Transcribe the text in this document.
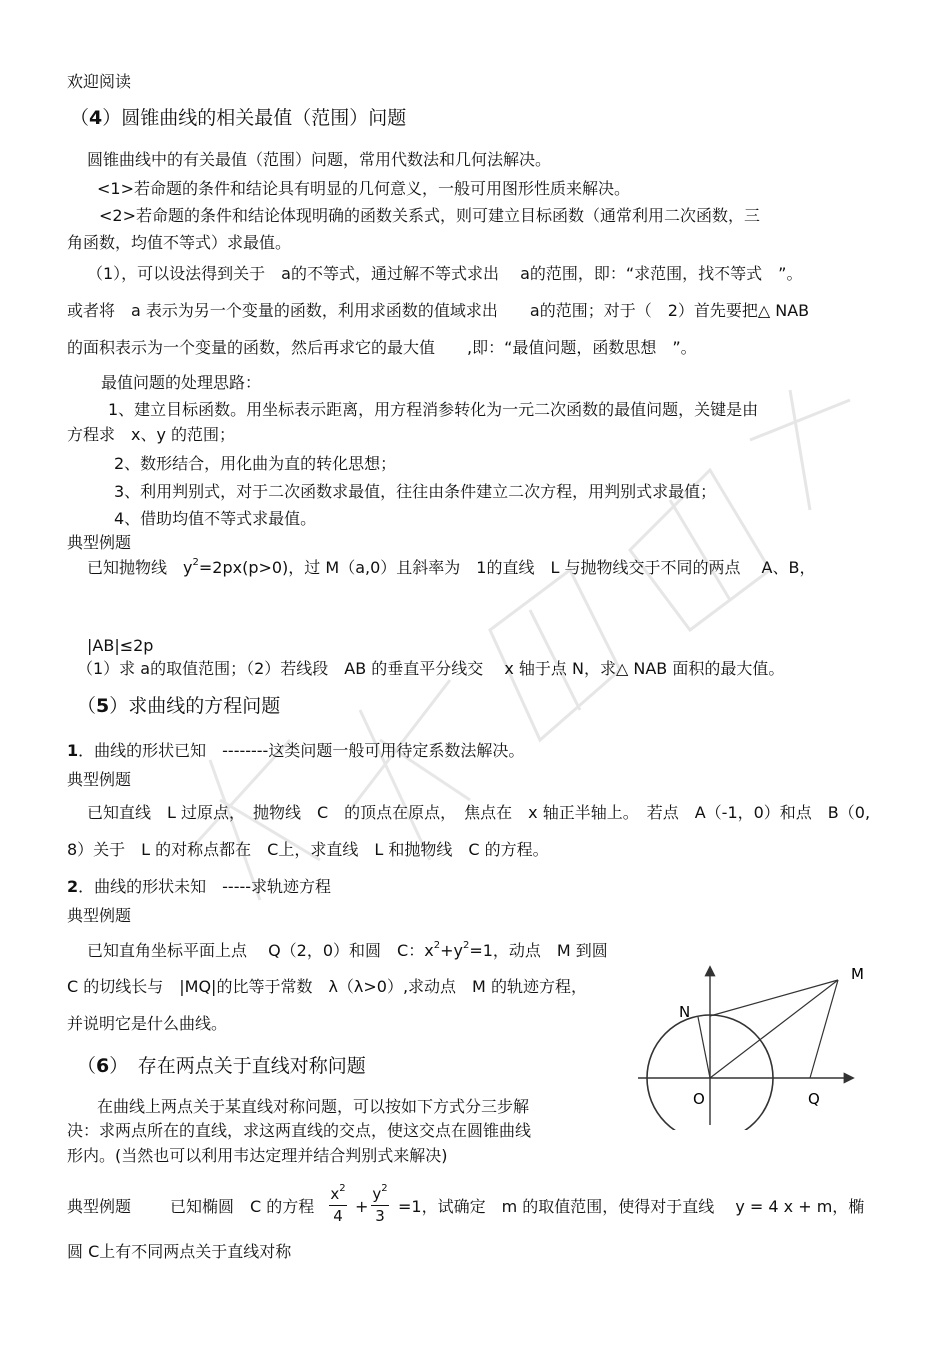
欢迎阅读
（4）圆锥曲线的相关最值（范围）问题
圆锥曲线中的有关最值（范围）问题，常用代数法和几何法解决。
<1>若命题的条件和结论具有明显的几何意义，一般可用图形性质来解决。
<2>若命题的条件和结论体现明确的函数关系式，则可建立目标函数（通常利用二次函数，三
角函数，均值不等式）求最值。
（1），可以设法得到关于　a的不等式，通过解不等式求出　 a的范围，即：“求范围，找不等式　”。
或者将　a 表示为另一个变量的函数，利用求函数的值域求出　　a的范围；对于（　2）首先要把△ NAB
的面积表示为一个变量的函数，然后再求它的最大值　　,即：“最值问题，函数思想　”。
最值问题的处理思路：
1、建立目标函数。用坐标表示距离，用方程消参转化为一元二次函数的最值问题，关键是由
方程求　x、y 的范围；
2、数形结合，用化曲为直的转化思想；
3、利用判别式，对于二次函数求最值，往往由条件建立二次方程，用判别式求最值；
4、借助均值不等式求最值。
典型例题
已知抛物线　$y^2=2px(p>0)$，过 M（a,0）且斜率为　1的直线　L 与抛物线交于不同的两点　 A、B，
|AB|≤2p
（1）求 a的取值范围；（2）若线段　AB 的垂直平分线交　 x 轴于点 N，求△ NAB 面积的最大值。
（5）求曲线的方程问题
1．曲线的形状已知　--------这类问题一般可用待定系数法解决。
典型例题
已知直线　L 过原点，　抛物线　C　的顶点在原点，　焦点在　x 轴正半轴上。　若点　A（-1，0）和点　B（0,
8）关于　L 的对称点都在　C上，求直线　L 和抛物线　C 的方程。
2．曲线的形状未知　-----求轨迹方程
典型例题
已知直角坐标平面上点　 Q（2，0）和圆　C：$x^2+y^2=1$，动点　M 到圆
C 的切线长与　|MQ|的比等于常数　λ（λ>0）,求动点　M 的轨迹方程，
并说明它是什么曲线。
M
N
O	Q
（6）　存在两点关于直线对称问题
在曲线上两点关于某直线对称问题，可以按如下方式分三步解
决：求两点所在的直线，求这两直线的交点，使这交点在圆锥曲线
形内。(当然也可以利用韦达定理并结合判别式来解决)
典型例题 已知椭圆　C 的方程
$x^2$
4 +
$y^2$
3 =1，试确定　m 的取值范围，使得对于直线　 y = 4 x + m，椭
圆 C上有不同两点关于直线对称
